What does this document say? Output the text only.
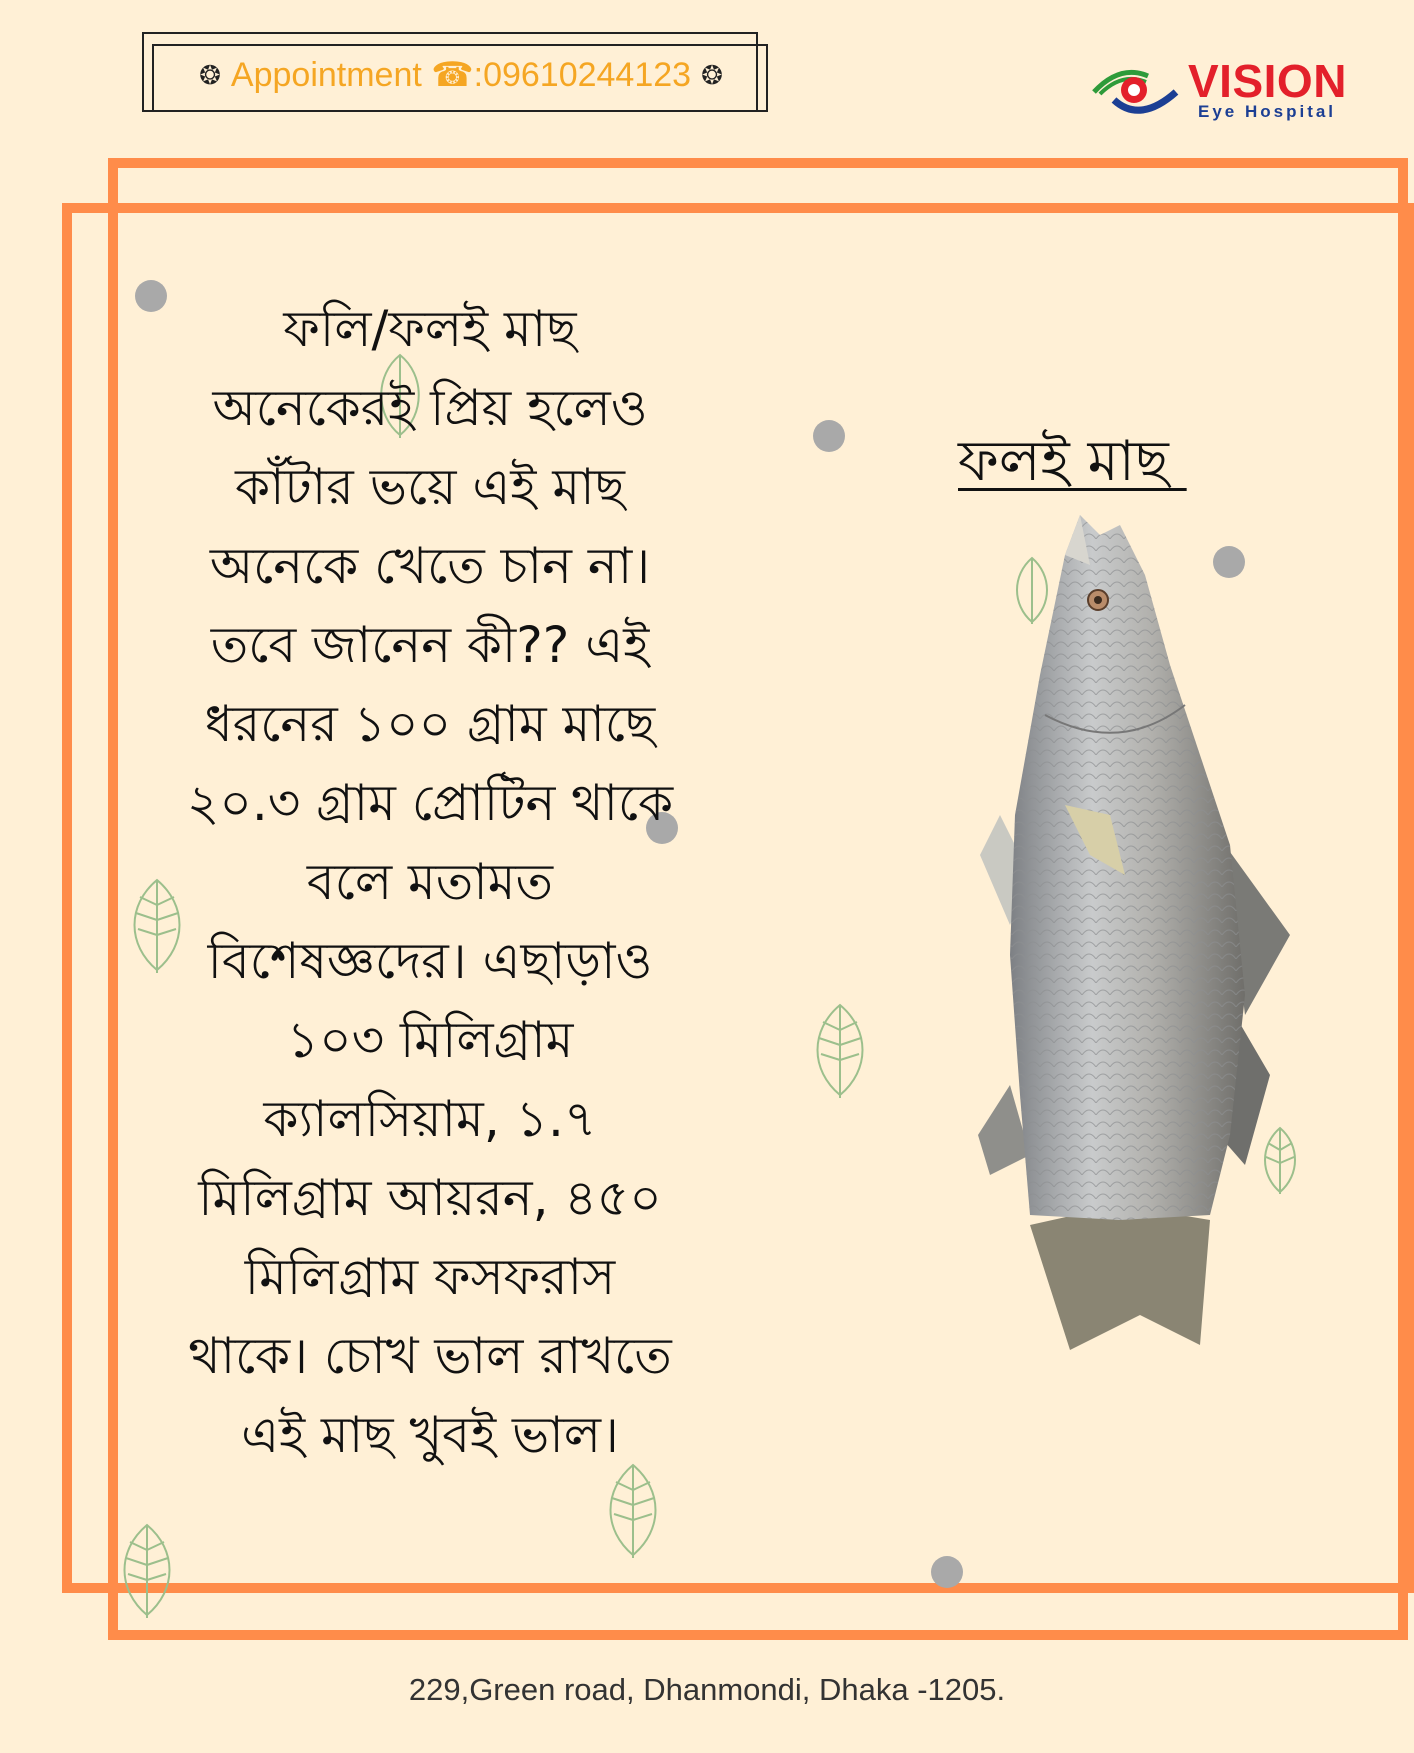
❂ Appointment ☎:09610244123 ❂	VISION
Eye Hospital
ফলি/ফলই মাছ
অনেকেরই প্রিয় হলেও
কাঁটার ভয়ে এই মাছ
অনেকে খেতে চান না।
তবে জানেন কী?? এই
ধরনের ১০০ গ্রাম মাছে
২০.৩ গ্রাম প্রোটিন থাকে
বলে মতামত
বিশেষজ্ঞদের। এছাড়াও
১০৩ মিলিগ্রাম
ক্যালসিয়াম, ১.৭
মিলিগ্রাম আয়রন, ৪৫০
মিলিগ্রাম ফসফরাস
থাকে। চোখ ভাল রাখতে
এই মাছ খুবই ভাল।
ফলই মাছ
229,Green road, Dhanmondi, Dhaka -1205.
